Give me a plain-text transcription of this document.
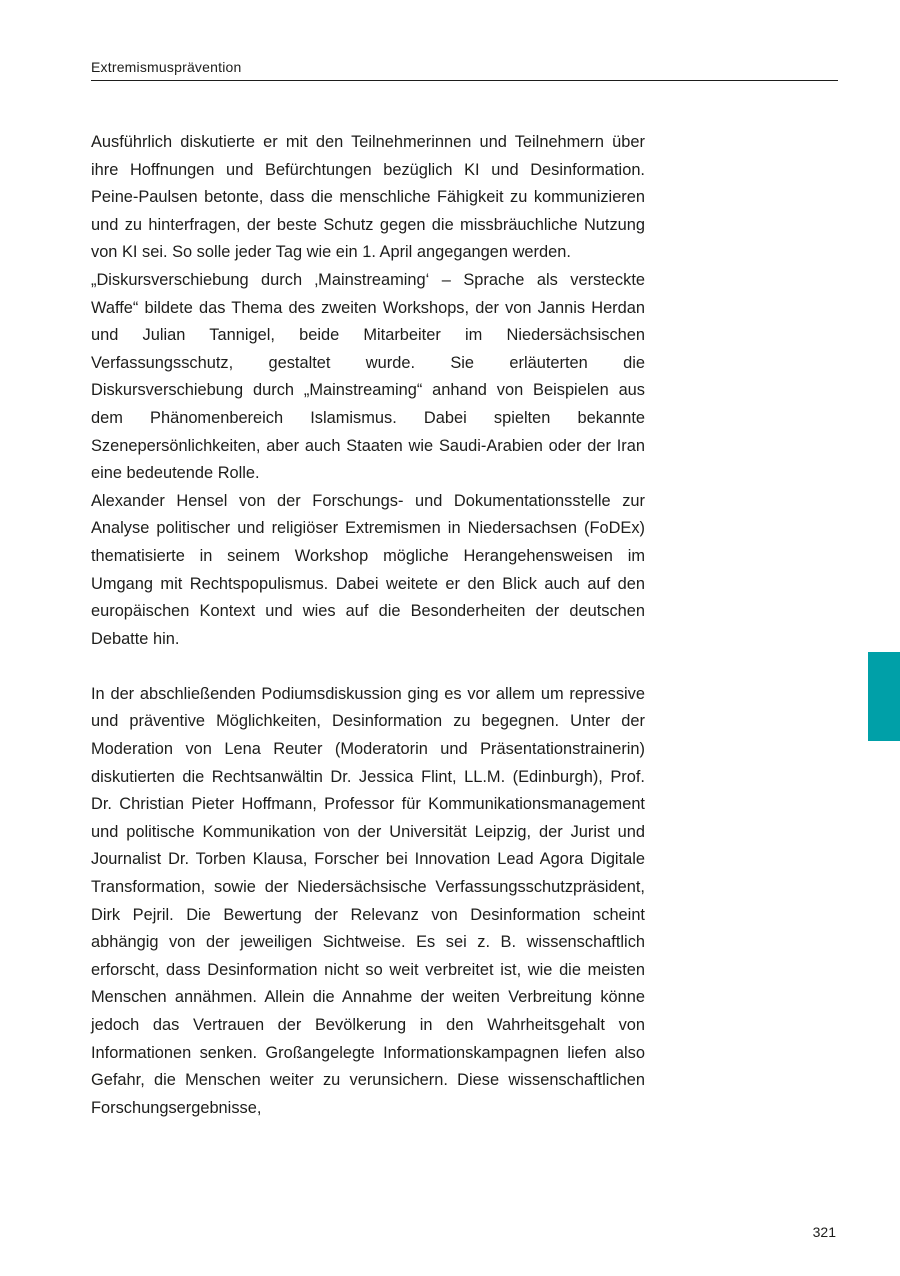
Extremismusprävention

Ausführlich diskutierte er mit den Teilnehmerinnen und Teilnehmern über ihre Hoffnungen und Befürchtungen bezüglich KI und Desinformation. Peine-Paulsen betonte, dass die menschliche Fähigkeit zu kommunizieren und zu hinterfragen, der beste Schutz gegen die missbräuchliche Nutzung von KI sei. So solle jeder Tag wie ein 1. April angegangen werden.

„Diskursverschiebung durch ‚Mainstreaming‘ – Sprache als versteckte Waffe“ bildete das Thema des zweiten Workshops, der von Jannis Herdan und Julian Tannigel, beide Mitarbeiter im Niedersächsischen Verfassungsschutz, gestaltet wurde. Sie erläuterten die Diskursverschiebung durch „Mainstreaming“ anhand von Beispielen aus dem Phänomenbereich Islamismus. Dabei spielten bekannte Szenepersönlichkeiten, aber auch Staaten wie Saudi-Arabien oder der Iran eine bedeutende Rolle.

Alexander Hensel von der Forschungs- und Dokumentationsstelle zur Analyse politischer und religiöser Extremismen in Niedersachsen (FoDEx) thematisierte in seinem Workshop mögliche Herangehensweisen im Umgang mit Rechtspopulismus. Dabei weitete er den Blick auch auf den europäischen Kontext und wies auf die Besonderheiten der deutschen Debatte hin.

In der abschließenden Podiumsdiskussion ging es vor allem um repressive und präventive Möglichkeiten, Desinformation zu begegnen. Unter der Moderation von Lena Reuter (Moderatorin und Präsentationstrainerin) diskutierten die Rechtsanwältin Dr. Jessica Flint, LL.M. (Edinburgh), Prof. Dr. Christian Pieter Hoffmann, Professor für Kommunikationsmanagement und politische Kommunikation von der Universität Leipzig, der Jurist und Journalist Dr. Torben Klausa, Forscher bei Innovation Lead Agora Digitale Transformation, sowie der Niedersächsische Verfassungsschutzpräsident, Dirk Pejril. Die Bewertung der Relevanz von Desinformation scheint abhängig von der jeweiligen Sichtweise. Es sei z. B. wissenschaftlich erforscht, dass Desinformation nicht so weit verbreitet ist, wie die meisten Menschen annähmen. Allein die Annahme der weiten Verbreitung könne jedoch das Vertrauen der Bevölkerung in den Wahrheitsgehalt von Informationen senken. Großangelegte Informationskampagnen liefen also Gefahr, die Menschen weiter zu verunsichern. Diese wissenschaftlichen Forschungsergebnisse,

321
